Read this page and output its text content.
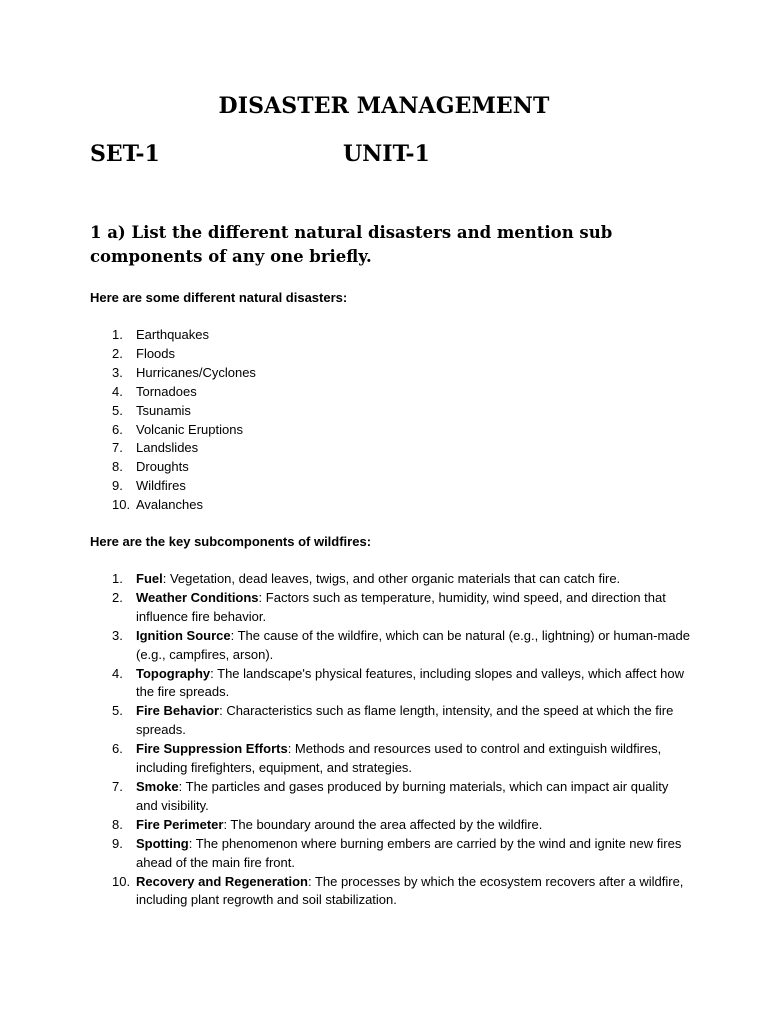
DISASTER MANAGEMENT
SET-1	UNIT-1

1 a) List the different natural disasters and mention sub components of any one briefly.

Here are some different natural disasters:

1. Earthquakes
2. Floods
3. Hurricanes/Cyclones
4. Tornadoes
5. Tsunamis
6. Volcanic Eruptions
7. Landslides
8. Droughts
9. Wildfires
10. Avalanches

Here are the key subcomponents of wildfires:

1. Fuel: Vegetation, dead leaves, twigs, and other organic materials that can catch fire.
2. Weather Conditions: Factors such as temperature, humidity, wind speed, and direction that influence fire behavior.
3. Ignition Source: The cause of the wildfire, which can be natural (e.g., lightning) or human-made (e.g., campfires, arson).
4. Topography: The landscape's physical features, including slopes and valleys, which affect how the fire spreads.
5. Fire Behavior: Characteristics such as flame length, intensity, and the speed at which the fire spreads.
6. Fire Suppression Efforts: Methods and resources used to control and extinguish wildfires, including firefighters, equipment, and strategies.
7. Smoke: The particles and gases produced by burning materials, which can impact air quality and visibility.
8. Fire Perimeter: The boundary around the area affected by the wildfire.
9. Spotting: The phenomenon where burning embers are carried by the wind and ignite new fires ahead of the main fire front.
10. Recovery and Regeneration: The processes by which the ecosystem recovers after a wildfire, including plant regrowth and soil stabilization.
